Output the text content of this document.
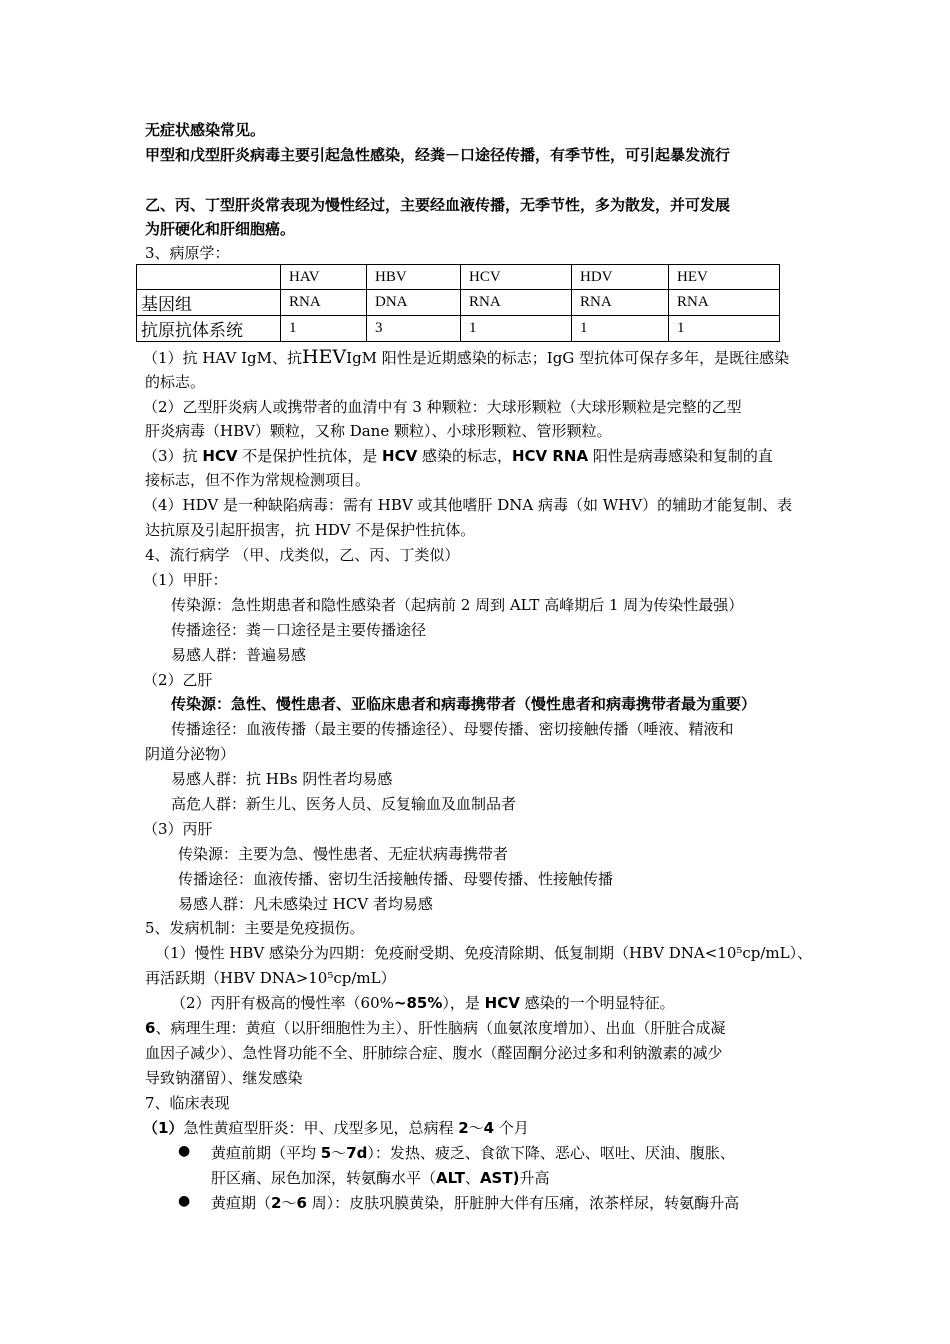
无症状感染常见。
甲型和戊型肝炎病毒主要引起急性感染，经粪－口途径传播，有季节性，可引起暴发流行
乙、丙、丁型肝炎常表现为慢性经过，主要经血液传播，无季节性，多为散发，并可发展
为肝硬化和肝细胞癌。
3、病原学：
	HAV	HBV	HCV	HDV	HEV
基因组	RNA	DNA	RNA	RNA	RNA
抗原抗体系统	1	3	1	1	1
（1）抗 HAV IgM、抗HEVIgM 阳性是近期感染的标志；IgG 型抗体可保存多年，是既往感染
的标志。
（2）乙型肝炎病人或携带者的血清中有 3 种颗粒：大球形颗粒（大球形颗粒是完整的乙型
肝炎病毒（HBV）颗粒，又称 Dane 颗粒）、小球形颗粒、管形颗粒。
（3）抗 HCV 不是保护性抗体，是 HCV 感染的标志，HCV RNA 阳性是病毒感染和复制的直
接标志，但不作为常规检测项目。
（4）HDV 是一种缺陷病毒：需有 HBV 或其他嗜肝 DNA 病毒（如 WHV）的辅助才能复制、表
达抗原及引起肝损害，抗 HDV 不是保护性抗体。
4、流行病学 （甲、戊类似，乙、丙、丁类似）
（1）甲肝：
传染源：急性期患者和隐性感染者（起病前 2 周到 ALT 高峰期后 1 周为传染性最强）
传播途径：粪－口途径是主要传播途径
易感人群：普遍易感
（2）乙肝
传染源：急性、慢性患者、亚临床患者和病毒携带者（慢性患者和病毒携带者最为重要）
传播途径：血液传播（最主要的传播途径）、母婴传播、密切接触传播（唾液、精液和
阴道分泌物）
易感人群：抗 HBs 阴性者均易感
高危人群：新生儿、医务人员、反复输血及血制品者
（3）丙肝
传染源：主要为急、慢性患者、无症状病毒携带者
传播途径：血液传播、密切生活接触传播、母婴传播、性接触传播
易感人群：凡未感染过 HCV 者均易感
5、发病机制：主要是免疫损伤。
（1）慢性 HBV 感染分为四期：免疫耐受期、免疫清除期、低复制期（HBV DNA<10⁵cp/mL）、
再活跃期（HBV DNA>10⁵cp/mL）
（2）丙肝有极高的慢性率（60%~85%），是 HCV 感染的一个明显特征。
6、病理生理：黄疸（以肝细胞性为主）、肝性脑病（血氨浓度增加）、出血（肝脏合成凝
血因子减少）、急性肾功能不全、肝肺综合症、腹水（醛固酮分泌过多和利钠激素的减少
导致钠潴留）、继发感染
7、临床表现
（1）急性黄疸型肝炎：甲、戊型多见，总病程 2～4 个月
● 黄疸前期（平均 5～7d）：发热、疲乏、食欲下降、恶心、呕吐、厌油、腹胀、
肝区痛、尿色加深，转氨酶水平（ALT、AST)升高
● 黄疸期（2～6 周）：皮肤巩膜黄染，肝脏肿大伴有压痛，浓茶样尿，转氨酶升高
